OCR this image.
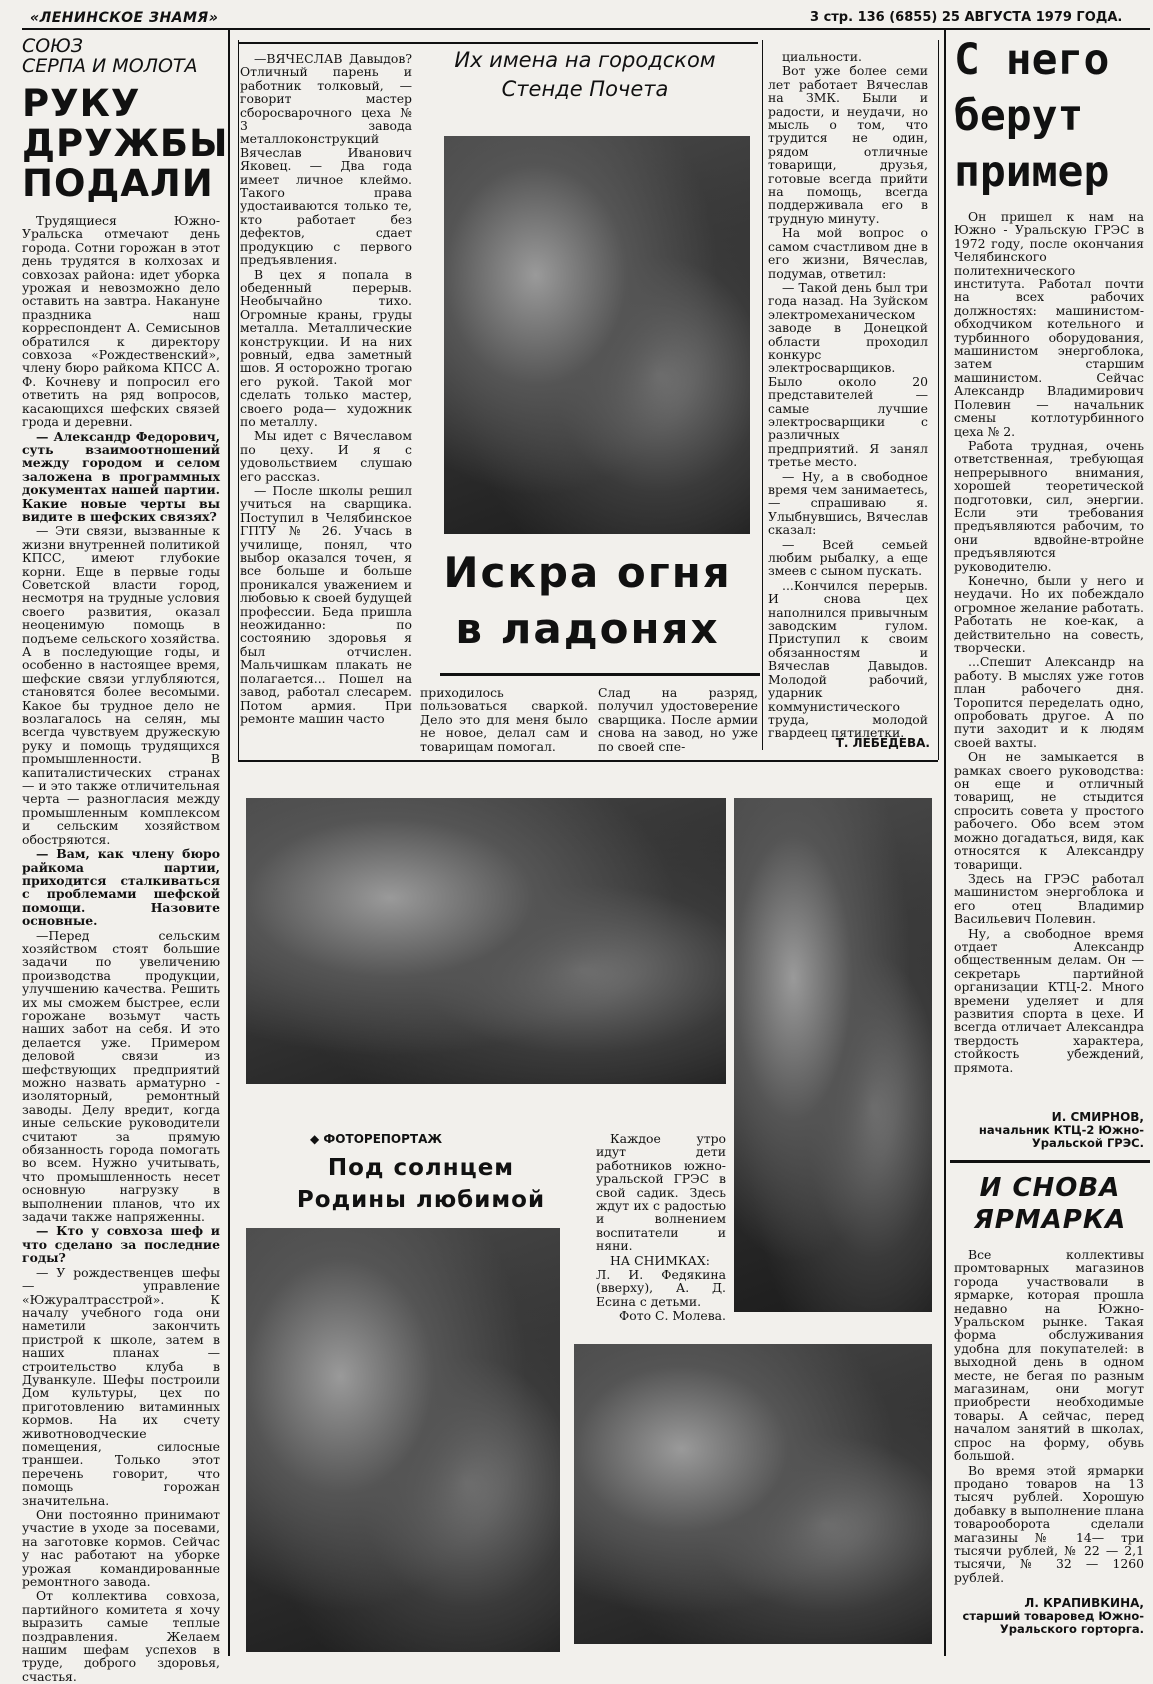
«ЛЕНИНСКОЕ ЗНАМЯ»	3 стр. 136 (6855) 25 АВГУСТА 1979 ГОДА.
СОЮЗ
СЕРПА И МОЛОТА
РУКУ ДРУЖБЫ ПОДАЛИ

Трудящиеся Южно-Уральска отмечают день города. Сотни горожан в этот день трудятся в колхозах и совхозах района: идет уборка урожая и невозможно дело оставить на завтра. Накануне праздника наш корреспондент А. Семисынов обратился к директору совхоза «Рождественский», члену бюро райкома КПСС А. Ф. Кочневу и попросил его ответить на ряд вопросов, касающихся шефских связей грода и деревни.

— Александр Федорович, суть взаимоотношений между городом и селом заложена в программных документах нашей партии. Какие новые черты вы видите в шефских связях?

— Эти связи, вызванные к жизни внутренней политикой КПСС, имеют глубокие корни. Еще в первые годы Советской власти город, несмотря на трудные условия своего развития, оказал неоценимую помощь в подъеме сельского хозяйства. А в последующие годы, и особенно в настоящее время, шефские связи углубляются, становятся более весомыми. Какое бы трудное дело не возлагалось на селян, мы всегда чувствуем дружескую руку и помощь трудящихся промышленности. В капиталистических странах — и это также отличительная черта — разногласия между промышленным комплексом и сельским хозяйством обостряются.

— Вам, как члену бюро райкома партии, приходится сталкиваться с проблемами шефской помощи. Назовите основные.

—Перед сельским хозяйством стоят большие задачи по увеличению производства продукции, улучшению качества. Решить их мы сможем быстрее, если горожане возьмут часть наших забот на себя. И это делается уже. Примером деловой связи из шефствующих предприятий можно назвать арматурно - изоляторный, ремонтный заводы. Делу вредит, когда иные сельские руководители считают за прямую обязанность города помогать во всем. Нужно учитывать, что промышленность несет основную нагрузку в выполнении планов, что их задачи также напряженны.

— Кто у совхоза шеф и что сделано за последние годы?

— У рождественцев шефы — управление «Южуралтрасстрой». К началу учебного года они наметили закончить пристрой к школе, затем в наших планах — строительство клуба в Дуванкуле. Шефы построили Дом культуры, цех по приготовлению витаминных кормов. На их счету животноводческие помещения, силосные траншеи. Только этот перечень говорит, что помощь горожан значительна.

Они постоянно принимают участие в уходе за посевами, на заготовке кормов. Сейчас у нас работают на уборке урожая командированные ремонтного завода.

От коллектива совхоза, партийного комитета я хочу выразить самые теплые поздравления. Желаем нашим шефам успехов в труде, доброго здоровья, счастья.

—ВЯЧЕСЛАВ Давыдов? Отличный парень и работник толковый, — говорит мастер сборосварочного цеха № 3 завода металлоконструкций Вячеслав Иванович Яковец. — Два года имеет личное клеймо. Такого права удостаиваются только те, кто работает без дефектов, сдает продукцию с первого предъявления.

В цех я попала в обеденный перерыв. Необычайно тихо. Огромные краны, груды металла. Металлические конструкции. И на них ровный, едва заметный шов. Я осторожно трогаю его рукой. Такой мог сделать только мастер, своего рода— художник по металлу.

Мы идет с Вячеславом по цеху. И я с удовольствием слушаю его рассказ.

— После школы решил учиться на сварщика. Поступил в Челябинское ГПТУ № 26. Учась в училище, понял, что выбор оказался точен, я все больше и больше проникался уважением и любовью к своей будущей профессии. Беда пришла неожиданно: по состоянию здоровья я был отчислен. Мальчишкам плакать не полагается... Пошел на завод, работал слесарем. Потом армия. При ремонте машин часто

Их имена на городском
Стенде Почета
Искра огня
в ладонях
приходилось пользоваться сваркой. Дело это для меня было не новое, делал сам и товарищам помогал.
Слад на разряд, получил удостоверение сварщика. После армии снова на завод, но уже по своей спе-

циальности.

Вот уже более семи лет работает Вячеслав на ЗМК. Были и радости, и неудачи, но мысль о том, что трудится не один, рядом отличные товарищи, друзья, готовые всегда прийти на помощь, всегда поддерживала его в трудную минуту.

На мой вопрос о самом счастливом дне в его жизни, Вячеслав, подумав, ответил:

— Такой день был три года назад. На Зуйском электромеханическом заводе в Донецкой области проходил конкурс электросварщиков. Было около 20 представителей — самые лучшие электросварщики с различных предприятий. Я занял третье место.

— Ну, а в свободное время чем занимаетесь, — спрашиваю я. Улыбнувшись, Вячеслав сказал:

— Всей семьей любим рыбалку, а еще змеев с сыном пускать.

...Кончился перерыв. И снова цех наполнился привычным заводским гулом. Приступил к своим обязанностям и Вячеслав Давыдов. Молодой рабочий, ударник коммунистического труда, молодой гвардеец пятилетки.

Т. ЛЕБЕДЕВА.
С него берут пример

Он пришел к нам на Южно - Уральскую ГРЭС в 1972 году, после окончания Челябинского политехнического института. Работал почти на всех рабочих должностях: машинистом-обходчиком котельного и турбинного оборудования, машинистом энергоблока, затем старшим машинистом. Сейчас Александр Владимирович Полевин — начальник смены котлотурбинного цеха № 2.

Работа трудная, очень ответственная, требующая непрерывного внимания, хорошей теоретической подготовки, сил, энергии. Если эти требования предъявляются рабочим, то они вдвойне-втройне предъявляются руководителю.

Конечно, были у него и неудачи. Но их побеждало огромное желание работать. Работать не кое-как, а действительно на совесть, творчески.

...Спешит Александр на работу. В мыслях уже готов план рабочего дня. Торопится переделать одно, опробовать другое. А по пути заходит и к людям своей вахты.

Он не замыкается в рамках своего руководства: он еще и отличный товарищ, не стыдится спросить совета у простого рабочего. Обо всем этом можно догадаться, видя, как относятся к Александру товарищи.

Здесь на ГРЭС работал машинистом энергоблока и его отец Владимир Васильевич Полевин.

Ну, а свободное время отдает Александр общественным делам. Он — секретарь партийной организации КТЦ-2. Много времени уделяет и для развития спорта в цехе. И всегда отличает Александра твердость характера, стойкость убеждений, прямота.

И. СМИРНОВ,
начальник КТЦ-2 Южно-Уральской ГРЭС.
И СНОВА ЯРМАРКА

Все коллективы промтоварных магазинов города участвовали в ярмарке, которая прошла недавно на Южно-Уральском рынке. Такая форма обслуживания удобна для покупателей: в выходной день в одном месте, не бегая по разным магазинам, они могут приобрести необходимые товары. А сейчас, перед началом занятий в школах, спрос на форму, обувь большой.

Во время этой ярмарки продано товаров на 13 тысяч рублей. Хорошую добавку в выполнение плана товарооборота сделали магазины № 14— три тысячи рублей, № 22 — 2,1 тысячи, № 32 — 1260 рублей.

Л. КРАПИВКИНА,
старший товаровед Южно-Уральского горторга.
◆ ФОТОРЕПОРТАЖ
Под солнцем
Родины любимой

Каждое утро идут дети работников южно-уральской ГРЭС в свой садик. Здесь ждут их с радостью и волнением воспитатели и няни.

НА СНИМКАХ:

Л. И. Федякина (вверху), А. Д. Есина с детьми.

Фото С. Молева.
